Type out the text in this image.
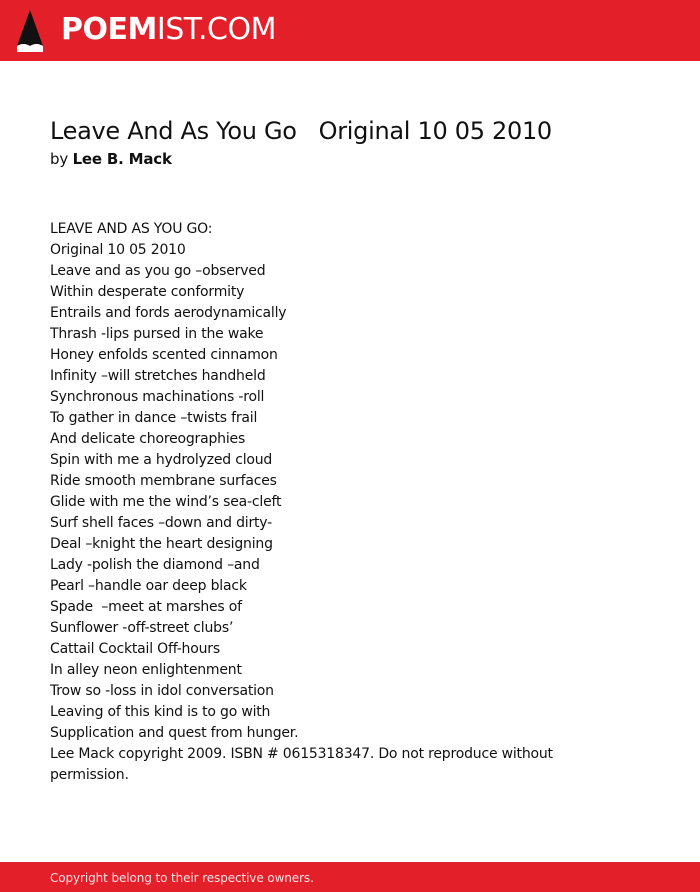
POEMIST.COM
Leave And As You Go   Original 10 05 2010
by Lee B. Mack
LEAVE AND AS YOU GO:
Original 10 05 2010
Leave and as you go –observed
Within desperate conformity
Entrails and fords aerodynamically
Thrash -lips pursed in the wake
Honey enfolds scented cinnamon
Infinity –will stretches handheld
Synchronous machinations -roll
To gather in dance –twists frail
And delicate choreographies
Spin with me a hydrolyzed cloud
Ride smooth membrane surfaces
Glide with me the wind’s sea-cleft
Surf shell faces –down and dirty-
Deal –knight the heart designing
Lady -polish the diamond –and
Pearl –handle oar deep black
Spade  –meet at marshes of
Sunflower -off-street clubs’
Cattail Cocktail Off-hours
In alley neon enlightenment
Trow so -loss in idol conversation
Leaving of this kind is to go with
Supplication and quest from hunger.
Lee Mack copyright 2009. ISBN # 0615318347. Do not reproduce without permission.
Copyright belong to their respective owners.
